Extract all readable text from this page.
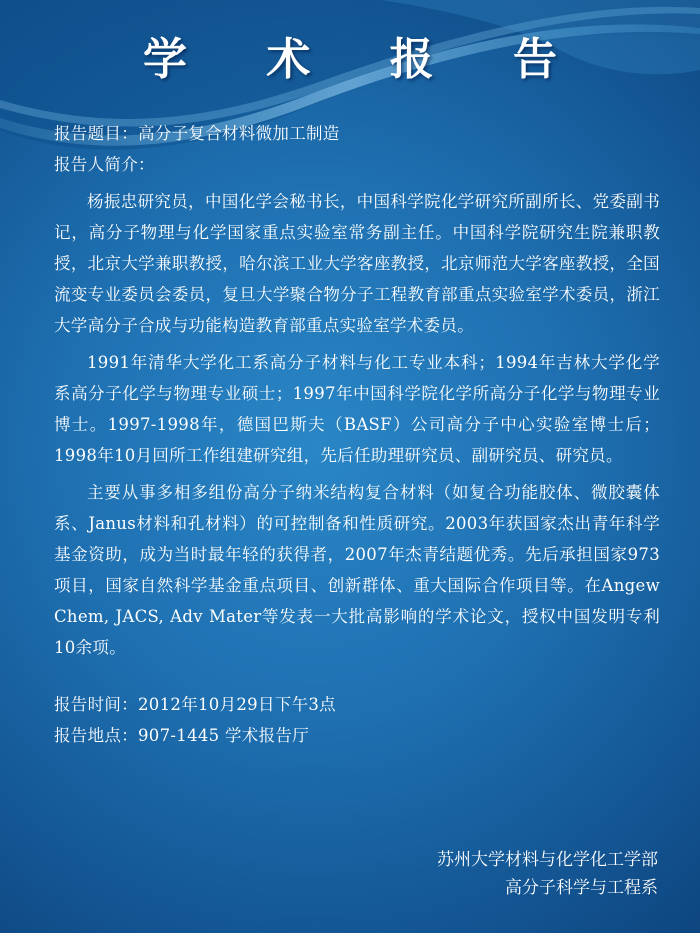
学 术 报 告

报告题目：高分子复合材料微加工制造

报告人简介：

杨振忠研究员，中国化学会秘书长，中国科学院化学研究所副所长、党委副书记，高分子物理与化学国家重点实验室常务副主任。中国科学院研究生院兼职教授，北京大学兼职教授，哈尔滨工业大学客座教授，北京师范大学客座教授，全国流变专业委员会委员，复旦大学聚合物分子工程教育部重点实验室学术委员，浙江大学高分子合成与功能构造教育部重点实验室学术委员。

1991年清华大学化工系高分子材料与化工专业本科；1994年吉林大学化学系高分子化学与物理专业硕士；1997年中国科学院化学所高分子化学与物理专业博士。1997-1998年，德国巴斯夫（BASF）公司高分子中心实验室博士后；1998年10月回所工作组建研究组，先后任助理研究员、副研究员、研究员。

主要从事多相多组份高分子纳米结构复合材料（如复合功能胶体、微胶囊体系、Janus材料和孔材料）的可控制备和性质研究。2003年获国家杰出青年科学基金资助，成为当时最年轻的获得者，2007年杰青结题优秀。先后承担国家973项目，国家自然科学基金重点项目、创新群体、重大国际合作项目等。在Angew Chem, JACS, Adv Mater等发表一大批高影响的学术论文，授权中国发明专利10余项。

报告时间：2012年10月29日下午3点

报告地点：907-1445 学术报告厅

苏州大学材料与化学化工学部
高分子科学与工程系
